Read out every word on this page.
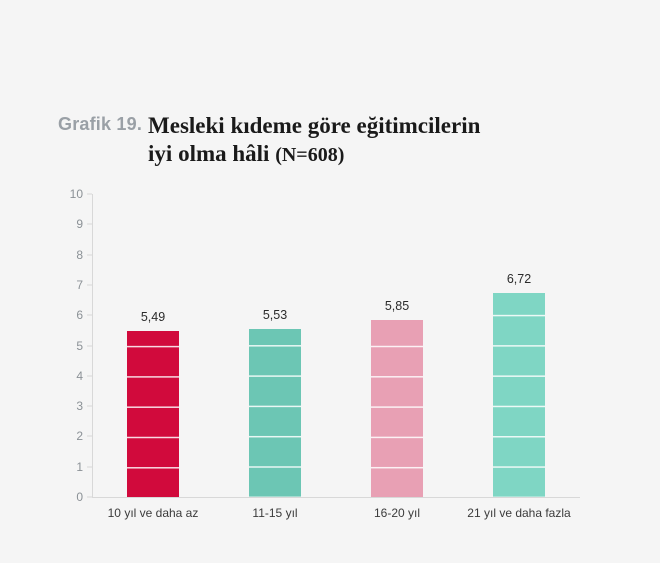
Grafik 19. Mesleki kıdeme göre eğitimcilerin
iyi olma hâli (N=608)
0
1
2
3
4
5
6
7
8
9
10
5,49	5,53
5,85
6,72
10 yıl ve daha az	11-15 yıl	16-20 yıl	21 yıl ve daha fazla
